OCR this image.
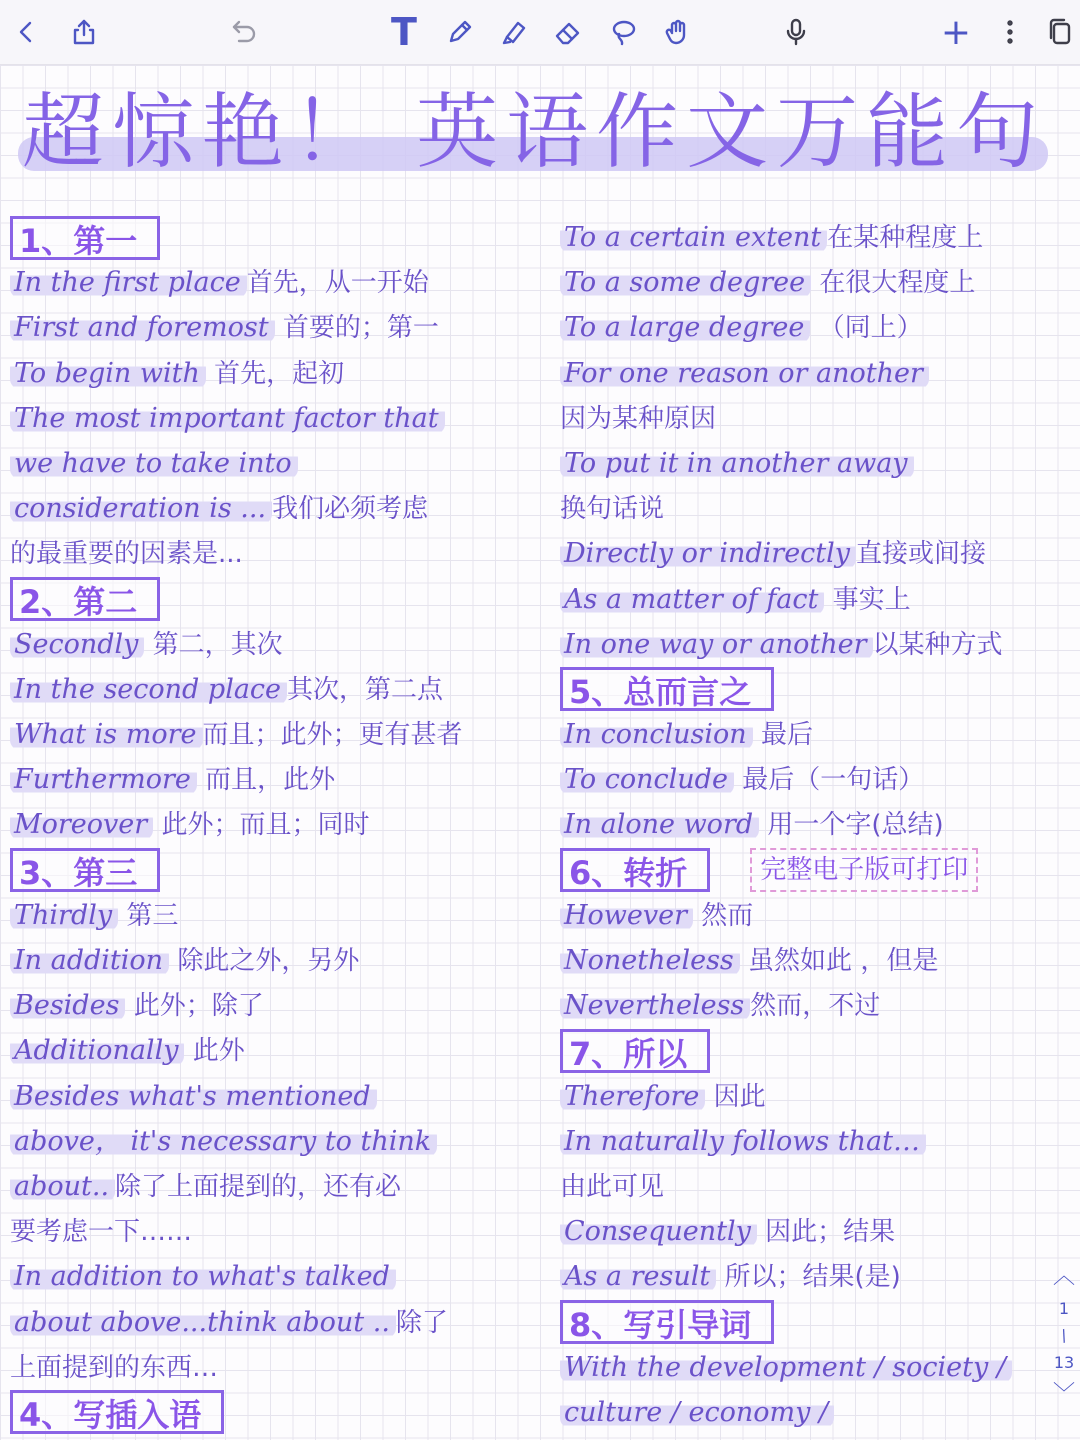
T	+
超惊艳！ 英语作文万能句
1、第一
In the first place 首先，从一开始
First and foremost 首要的；第一
To begin with 首先，起初
The most important factor that
we have to take into
consideration is ... 我们必须考虑
的最重要的因素是...
2、第二
Secondly 第二，其次
In the second place 其次，第二点
What is more 而且；此外；更有甚者
Furthermore 而且，此外
Moreover 此外；而且；同时
3、第三
Thirdly 第三
In addition 除此之外，另外
Besides 此外；除了
Additionally 此外
Besides what's mentioned
above， it's necessary to think
about.. 除了上面提到的，还有必
要考虑一下……
In addition to what's talked
about above...think about .. 除了
上面提到的东西…
4、写插入语
To a certain extent 在某种程度上
To a some degree 在很大程度上
To a large degree （同上）
For one reason or another
因为某种原因
To put it in another away
换句话说
Directly or indirectly 直接或间接
As a matter of fact 事实上
In one way or another 以某种方式
5、总而言之
In conclusion 最后
To conclude 最后（一句话）
In alone word 用一个字(总结)
6、转折	完整电子版可打印
However 然而
Nonetheless 虽然如此 ，但是
Nevertheless 然而，不过
7、所以
Therefore 因此
In naturally follows that…
由此可见
Consequently 因此；结果
As a result 所以；结果(是)
8、写引导词
With the development / society /
culture / economy /
︿
1
/
13
﹀
